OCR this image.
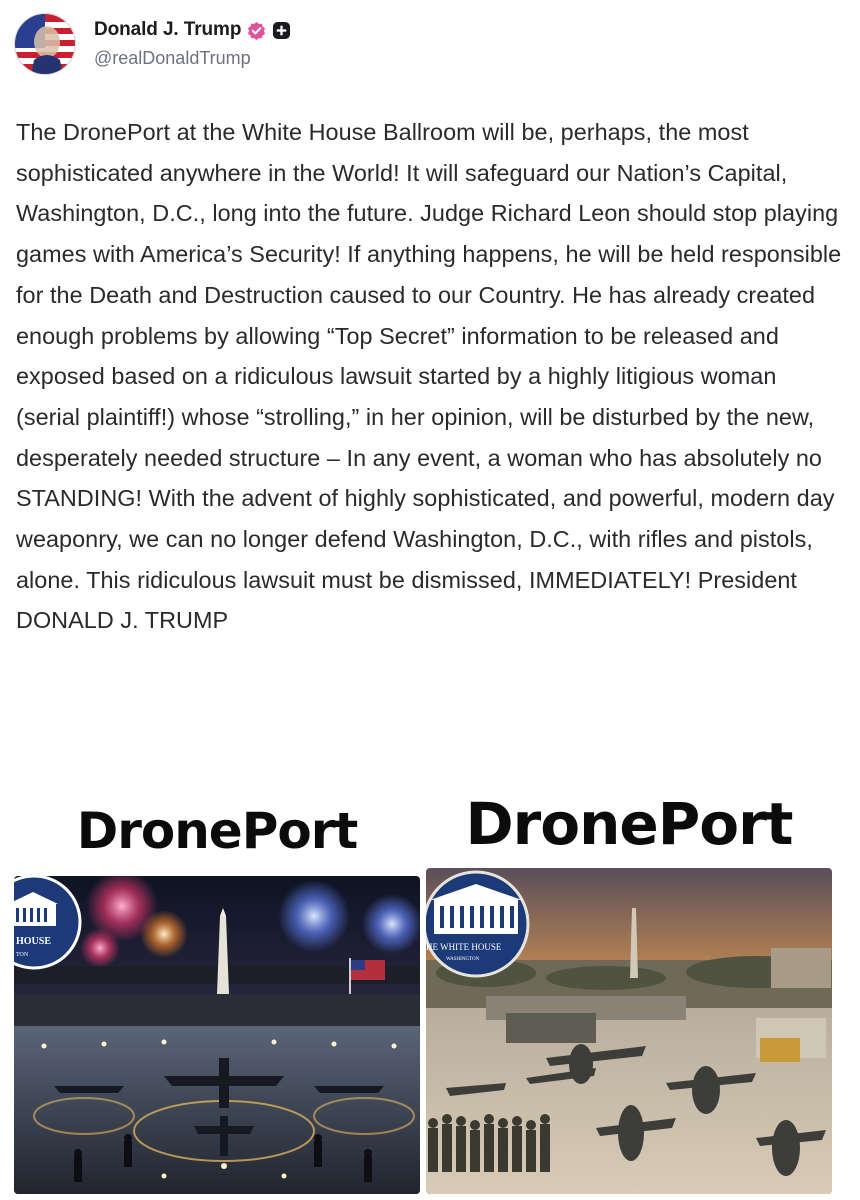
Donald J. Trump
@realDonaldTrump
The DronePort at the White House Ballroom will be, perhaps, the most sophisticated anywhere in the World! It will safeguard our Nation’s Capital, Washington, D.C., long into the future. Judge Richard Leon should stop playing games with America’s Security! If anything happens, he will be held responsible for the Death and Destruction caused to our Country. He has already created enough problems by allowing “Top Secret” information to be released and exposed based on a ridiculous lawsuit started by a highly litigious woman (serial plaintiff!) whose “strolling,” in her opinion, will be disturbed by the new, desperately needed structure – In any event, a woman who has absolutely no STANDING! With the advent of highly sophisticated, and powerful, modern day weaponry, we can no longer defend Washington, D.C., with rifles and pistols, alone. This ridiculous lawsuit must be dismissed, IMMEDIATELY! President DONALD J. TRUMP
DronePort
HOUSE
TON
DronePort
HE WHITE HOUSE
WASHINGTON
